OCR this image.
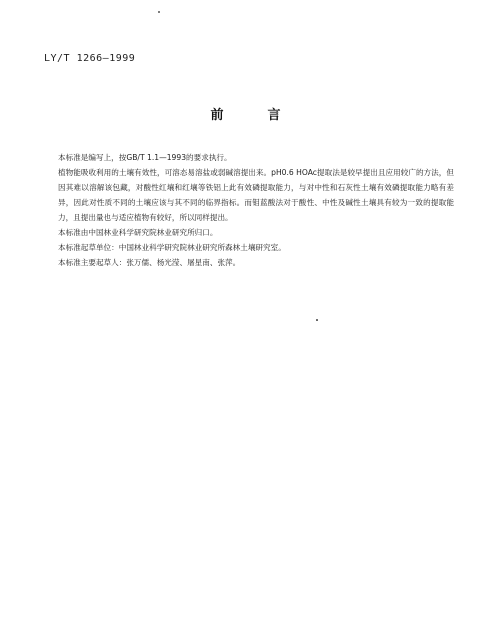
LY/T 1266—1999
前言

本标准是编写上，按GB/T 1.1—1993的要求执行。

植物能吸收利用的土壤有效性，可溶态易溶盐或弱碱溶提出来。pH0.6 HOAc提取法是较早提出且应用较广的方法，但因其难以溶解该包藏，对酸性红壤和红壤等铁铝上此有效磷提取能力，与对中性和石灰性土壤有效磷提取能力略有差异，因此对性质不同的土壤应该与其不同的临界指标。而钼蓝酸法对于酸性、中性及碱性土壤具有较为一致的提取能力，且提出量也与适应植物有较好，所以同样提出。

本标准由中国林业科学研究院林业研究所归口。

本标准起草单位：中国林业科学研究院林业研究所森林土壤研究室。

本标准主要起草人：张万儒、杨光滢、屠星南、张萍。
